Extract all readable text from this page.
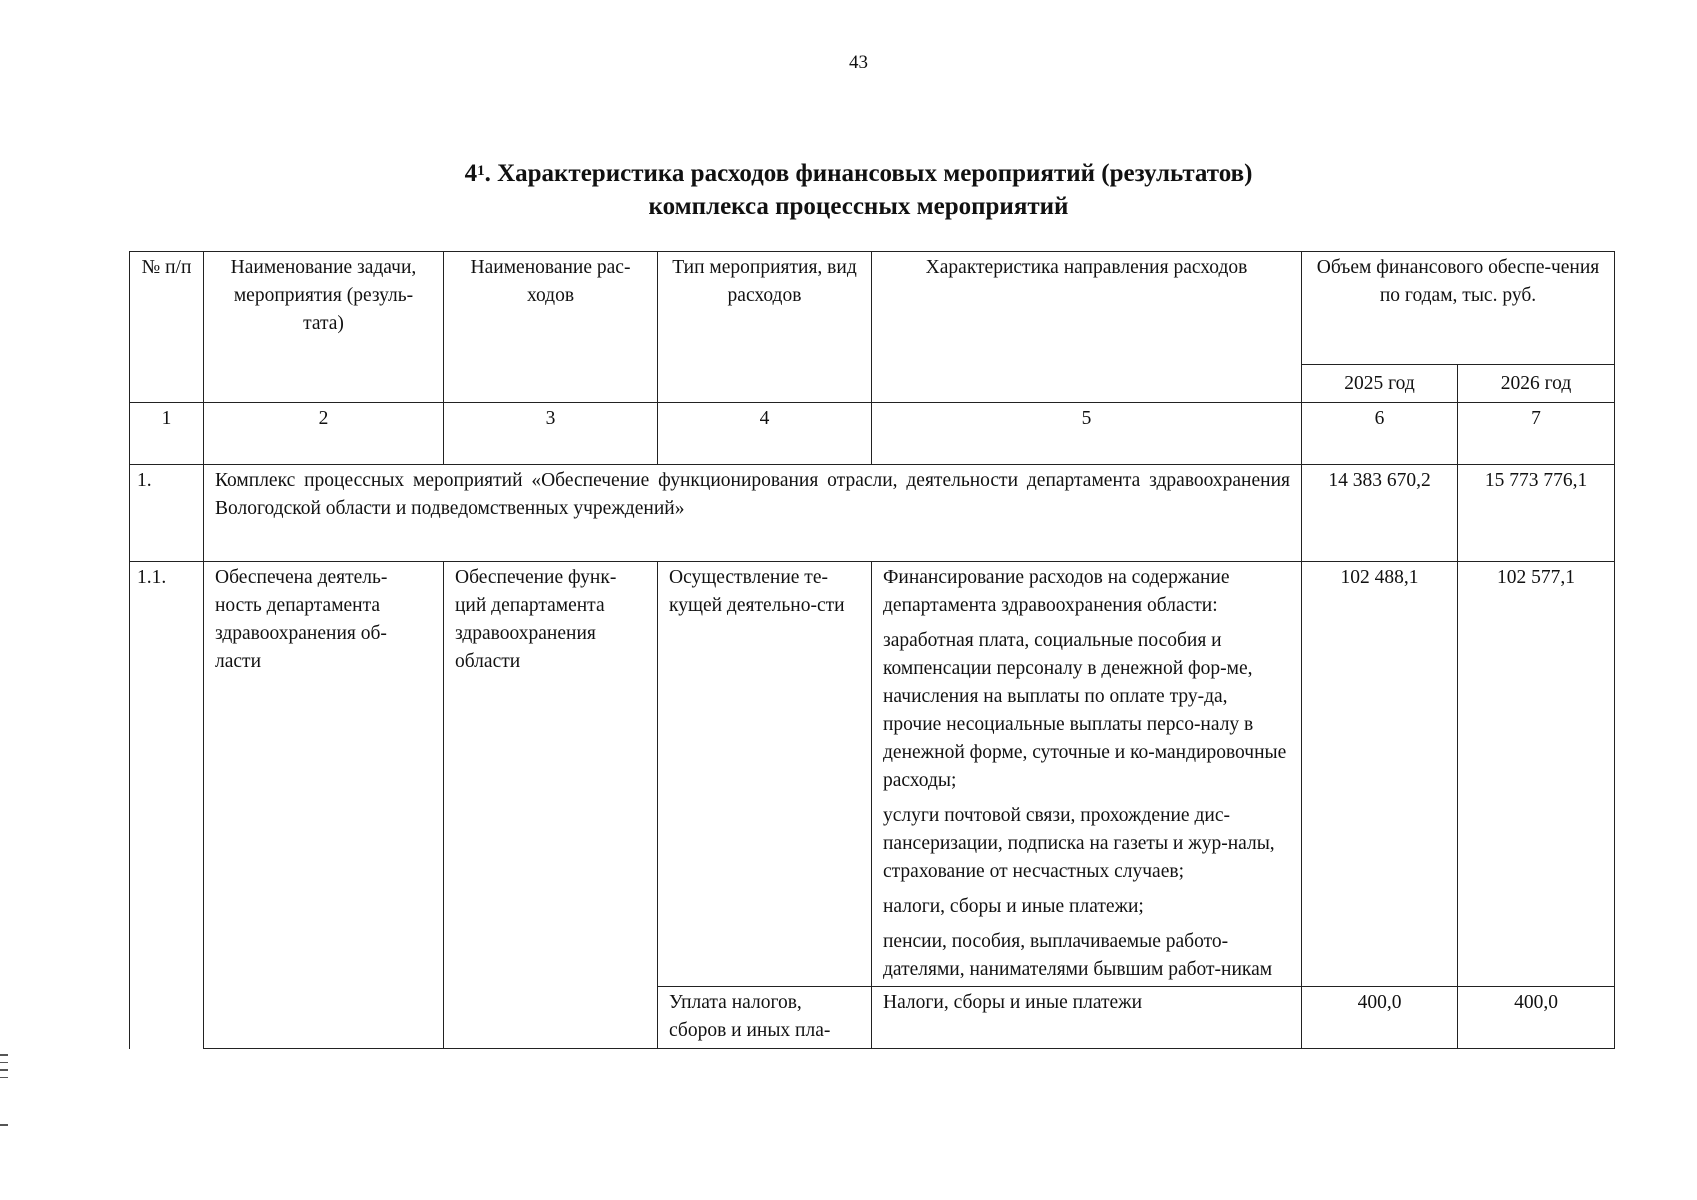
43
$4^1$. Характеристика расходов финансовых мероприятий (результатов)
комплекса процессных мероприятий
№ п/п	Наименование задачи, мероприятия (резуль-тата)	Наименование рас-ходов	Тип мероприятия, вид расходов	Характеристика направления расходов	Объем финансового обеспе-чения по годам, тыс. руб.	
					2025 год	2026 год
1	2	3	4	5	6	7
1.	Комплекс процессных мероприятий «Обеспечение функционирования отрасли, деятельности департамента здравоохранения Вологодской области и подведомственных учреждений»				14 383 670,2	15 773 776,1
1.1.	Обеспечена деятель-ность департамента здравоохранения об-ласти	Обеспечение функ-ций департамента здравоохранения области	Осуществление те-кущей деятельно-сти	Финансирование расходов на содержание департамента здравоохранения области:

заработная плата, социальные пособия и компенсации персоналу в денежной фор-ме, начисления на выплаты по оплате тру-да, прочие несоциальные выплаты персо-налу в денежной форме, суточные и ко-мандировочные расходы;

услуги почтовой связи, прохождение дис-пансеризации, подписка на газеты и жур-налы, страхование от несчастных случаев;

налоги, сборы и иные платежи;

пенсии, пособия, выплачиваемые работо-дателями, нанимателями бывшим работ-никам	102 488,1	102 577,1
			Уплата налогов, сборов и иных пла-	Налоги, сборы и иные платежи	400,0	400,0
